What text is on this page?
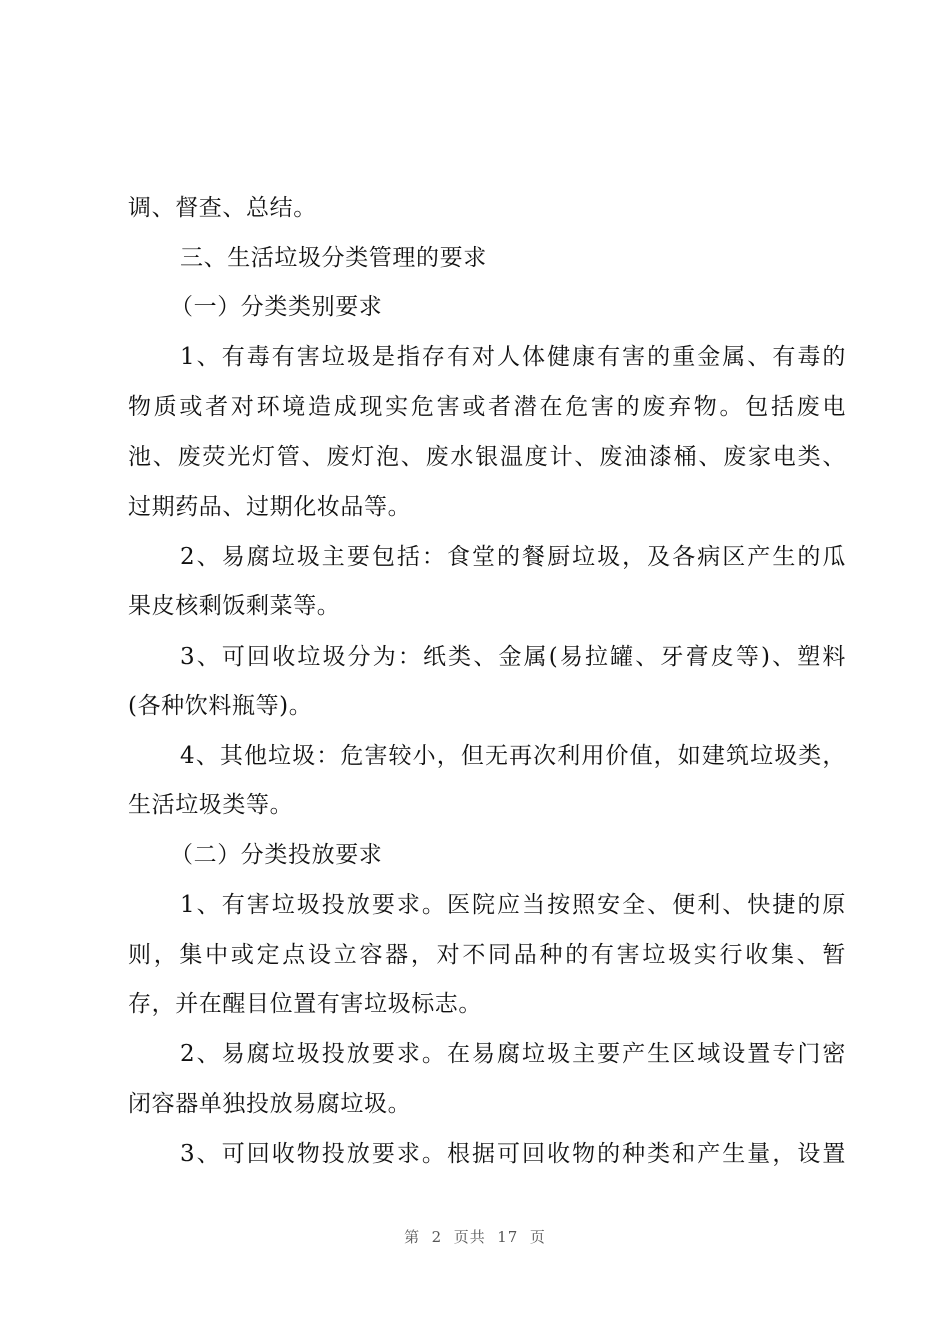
调、督查、总结。

三、生活垃圾分类管理的要求

（一）分类类别要求

1、有毒有害垃圾是指存有对人体健康有害的重金属、有毒的

物质或者对环境造成现实危害或者潜在危害的废弃物。包括废电

池、废荧光灯管、废灯泡、废水银温度计、废油漆桶、废家电类、

过期药品、过期化妆品等。

2、易腐垃圾主要包括：食堂的餐厨垃圾，及各病区产生的瓜

果皮核剩饭剩菜等。

3、可回收垃圾分为：纸类、金属(易拉罐、牙膏皮等)、塑料

(各种饮料瓶等)。

4、其他垃圾：危害较小，但无再次利用价值，如建筑垃圾类，

生活垃圾类等。

（二）分类投放要求

1、有害垃圾投放要求。医院应当按照安全、便利、快捷的原

则，集中或定点设立容器，对不同品种的有害垃圾实行收集、暂

存，并在醒目位置有害垃圾标志。

2、易腐垃圾投放要求。在易腐垃圾主要产生区域设置专门密

闭容器单独投放易腐垃圾。

3、可回收物投放要求。根据可回收物的种类和产生量，设置

第  2  页共  17  页
